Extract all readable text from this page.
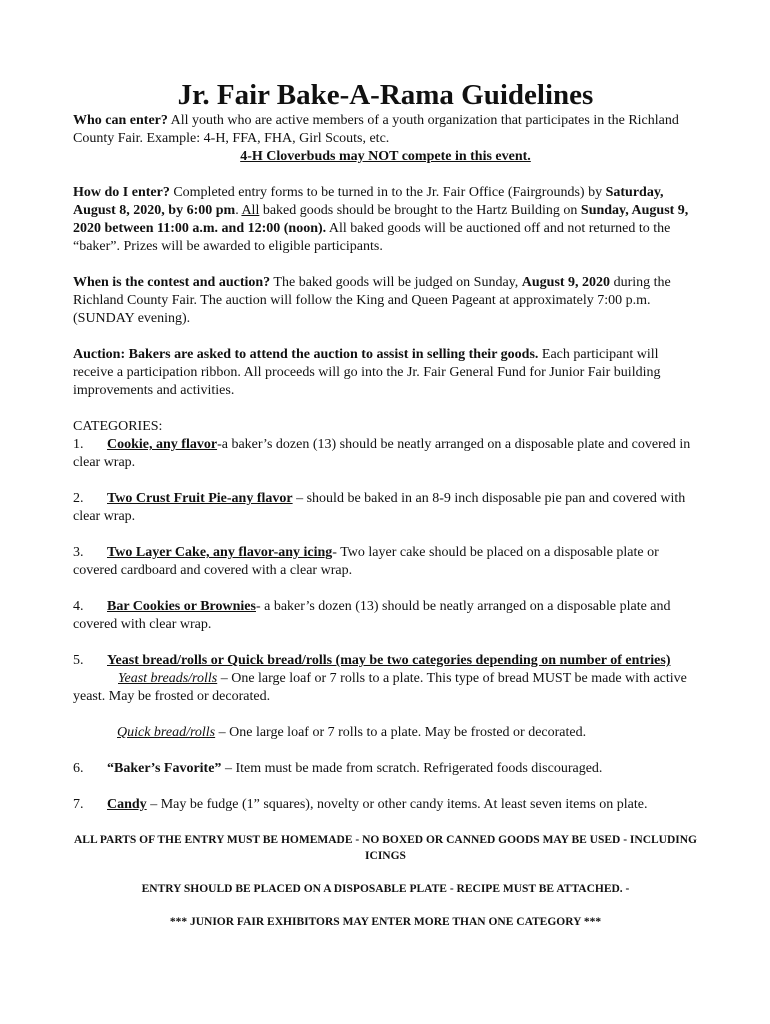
Jr. Fair Bake-A-Rama Guidelines

Who can enter? All youth who are active members of a youth organization that participates in the Richland County Fair. Example: 4-H, FFA, FHA, Girl Scouts, etc.

4-H Cloverbuds may NOT compete in this event.

How do I enter? Completed entry forms to be turned in to the Jr. Fair Office (Fairgrounds) by Saturday, August 8, 2020, by 6:00 pm. All baked goods should be brought to the Hartz Building on Sunday, August 9, 2020 between 11:00 a.m. and 12:00 (noon). All baked goods will be auctioned off and not returned to the “baker”. Prizes will be awarded to eligible participants.

When is the contest and auction? The baked goods will be judged on Sunday, August 9, 2020 during the Richland County Fair. The auction will follow the King and Queen Pageant at approximately 7:00 p.m. (SUNDAY evening).

Auction: Bakers are asked to attend the auction to assist in selling their goods. Each participant will receive a participation ribbon. All proceeds will go into the Jr. Fair General Fund for Junior Fair building improvements and activities.

CATEGORIES:

1. Cookie, any flavor-a baker’s dozen (13) should be neatly arranged on a disposable plate and covered in clear wrap.

2. Two Crust Fruit Pie-any flavor – should be baked in an 8-9 inch disposable pie pan and covered with clear wrap.

3. Two Layer Cake, any flavor-any icing- Two layer cake should be placed on a disposable plate or covered cardboard and covered with a clear wrap.

4. Bar Cookies or Brownies- a baker’s dozen (13) should be neatly arranged on a disposable plate and covered with clear wrap.

5. Yeast bread/rolls or Quick bread/rolls (may be two categories depending on number of entries)

Yeast breads/rolls – One large loaf or 7 rolls to a plate. This type of bread MUST be made with active yeast. May be frosted or decorated.

Quick bread/rolls – One large loaf or 7 rolls to a plate. May be frosted or decorated.

6. “Baker’s Favorite” – Item must be made from scratch. Refrigerated foods discouraged.

7. Candy – May be fudge (1” squares), novelty or other candy items. At least seven items on plate.

ALL PARTS OF THE ENTRY MUST BE HOMEMADE - NO BOXED OR CANNED GOODS MAY BE USED - INCLUDING ICINGS

ENTRY SHOULD BE PLACED ON A DISPOSABLE PLATE - RECIPE MUST BE ATTACHED. -

*** JUNIOR FAIR EXHIBITORS MAY ENTER MORE THAN ONE CATEGORY ***
